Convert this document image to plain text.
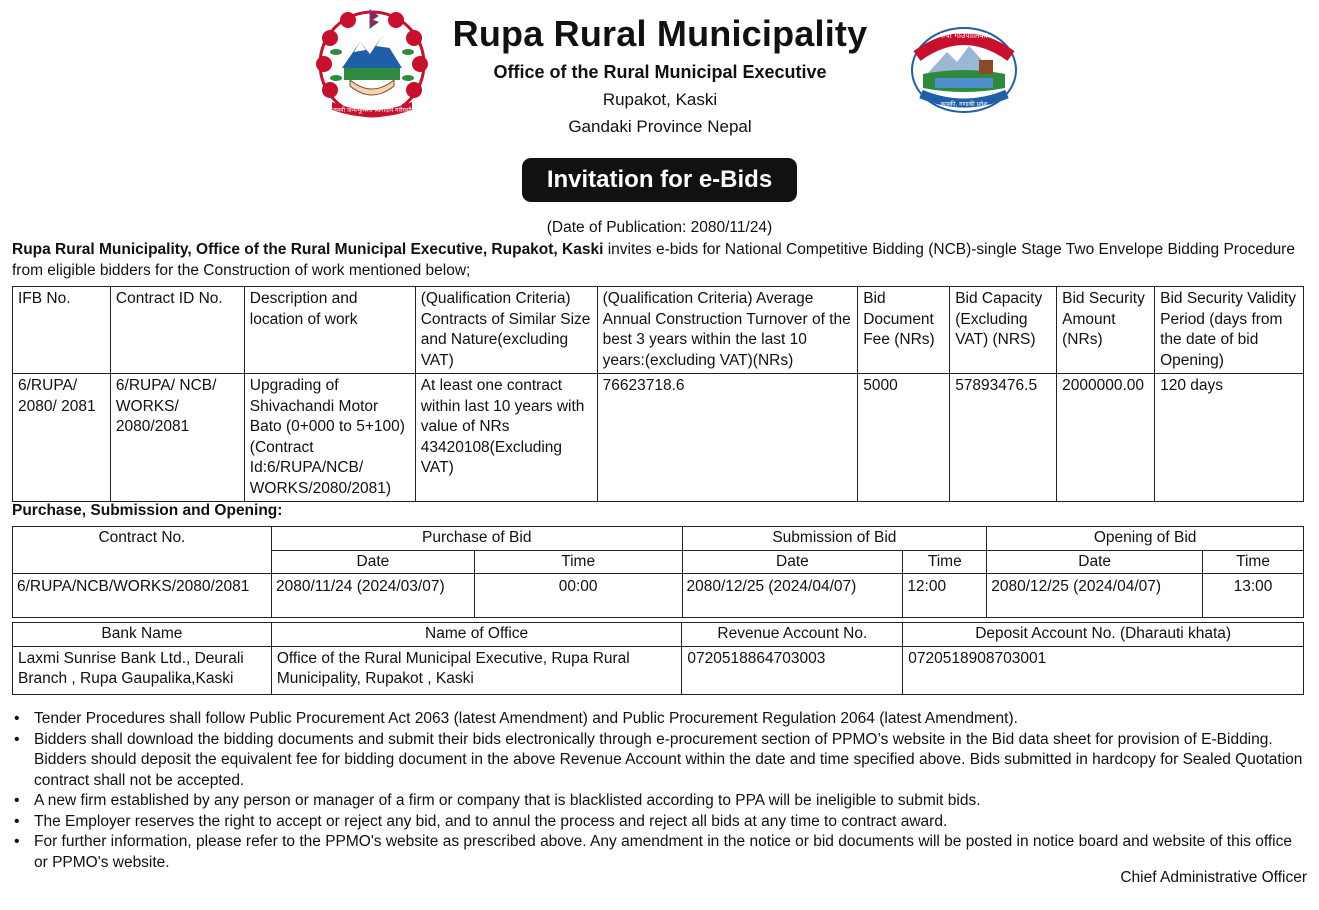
जननी जन्मभूमिश्च स्वर्गादपि गरीयसी
रुपा गाउँपालिका
कास्की, गण्डकी प्रदेश
Rupa Rural Municipality
Office of the Rural Municipal Executive
Rupakot, Kaski
Gandaki Province Nepal
Invitation for e-Bids
(Date of Publication: 2080/11/24)

Rupa Rural Municipality, Office of the Rural Municipal Executive, Rupakot, Kaski invites e-bids for National Competitive Bidding (NCB)-single Stage Two Envelope Bidding Procedure from eligible bidders for the Construction of work mentioned below;

IFB No.	Contract ID No.	Description and location of work	(Qualification Criteria) Contracts of Similar Size and Nature(excluding VAT)	(Qualification Criteria) Average Annual Construction Turnover of the best 3 years within the last 10 years:(excluding VAT)(NRs)	Bid Document Fee (NRs)	Bid Capacity (Excluding VAT) (NRS)	Bid Security Amount (NRs)	Bid Security Validity Period (days from the date of bid Opening)
6/RUPA/ 2080/ 2081	6/RUPA/ NCB/ WORKS/ 2080/2081	Upgrading of Shivachandi Motor Bato (0+000 to 5+100)(Contract Id:6/RUPA/NCB/ WORKS/2080/2081)	At least one contract within last 10 years with value of NRs 43420108(Excluding VAT)	76623718.6	5000	57893476.5	2000000.00	120 days
Purchase, Submission and Opening:
Contract No.	Purchase of Bid		Submission of Bid		Opening of Bid	
	Date	Time	Date	Time	Date	Time
6/RUPA/NCB/WORKS/2080/2081	2080/11/24 (2024/03/07)	00:00	2080/12/25 (2024/04/07)	12:00	2080/12/25 (2024/04/07)	13:00
Bank Name	Name of Office	Revenue Account No.	Deposit Account No. (Dharauti khata)
Laxmi Sunrise Bank Ltd., Deurali Branch , Rupa Gaupalika,Kaski	Office of the Rural Municipal Executive, Rupa Rural Municipality, Rupakot , Kaski	0720518864703003	0720518908703001
• Tender Procedures shall follow Public Procurement Act 2063 (latest Amendment) and Public Procurement Regulation 2064 (latest Amendment).
• Bidders shall download the bidding documents and submit their bids electronically through e-procurement section of PPMO’s website in the Bid data sheet for provision of E-Bidding. Bidders should deposit the equivalent fee for bidding document in the above Revenue Account within the date and time specified above. Bids submitted in hardcopy for Sealed Quotation contract shall not be accepted.
• A new firm established by any person or manager of a firm or company that is blacklisted according to PPA will be ineligible to submit bids.
• The Employer reserves the right to accept or reject any bid, and to annul the process and reject all bids at any time to contract award.
• For further information, please refer to the PPMO's website as prescribed above. Any amendment in the notice or bid documents will be posted in notice board and website of this office or PPMO's website.
Chief Administrative Officer
